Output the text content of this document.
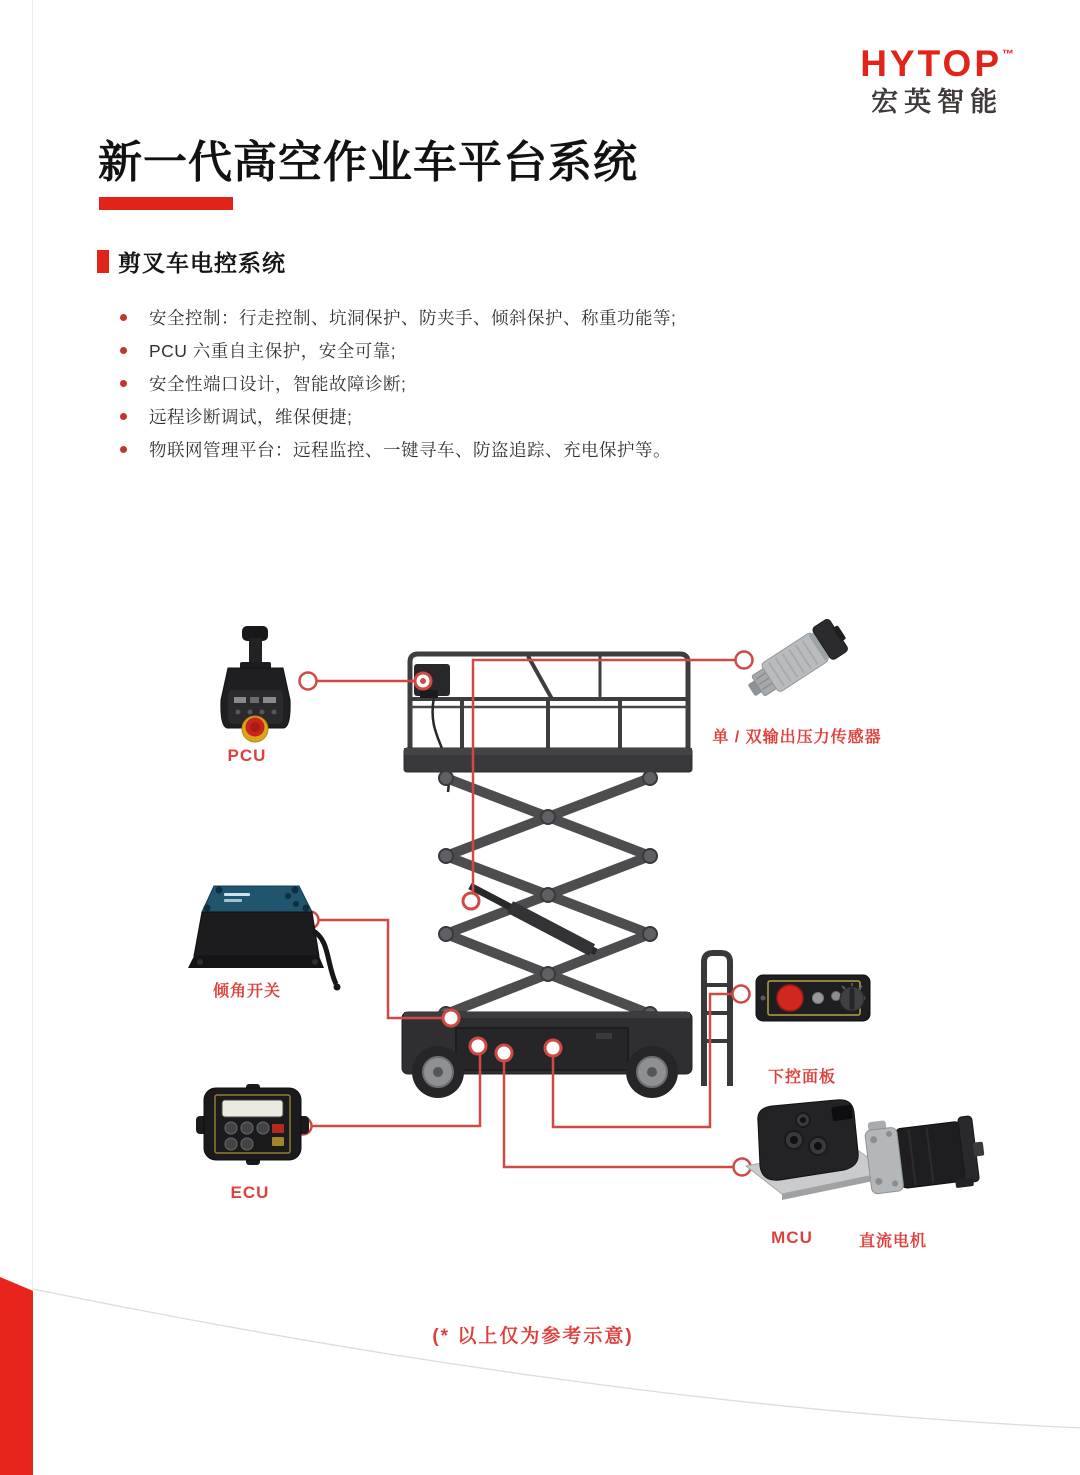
HYTOP™
宏英智能
新一代高空作业车平台系统
剪叉车电控系统
安全控制：行走控制、坑洞保护、防夹手、倾斜保护、称重功能等;
PCU 六重自主保护，安全可靠;
安全性端口设计，智能故障诊断;
远程诊断调试，维保便捷;
物联网管理平台：远程监控、一键寻车、防盗追踪、充电保护等。
PCU
单 / 双输出压力传感器
倾角开关
下控面板
ECU
MCU	直流电机
(* 以上仅为参考示意)
